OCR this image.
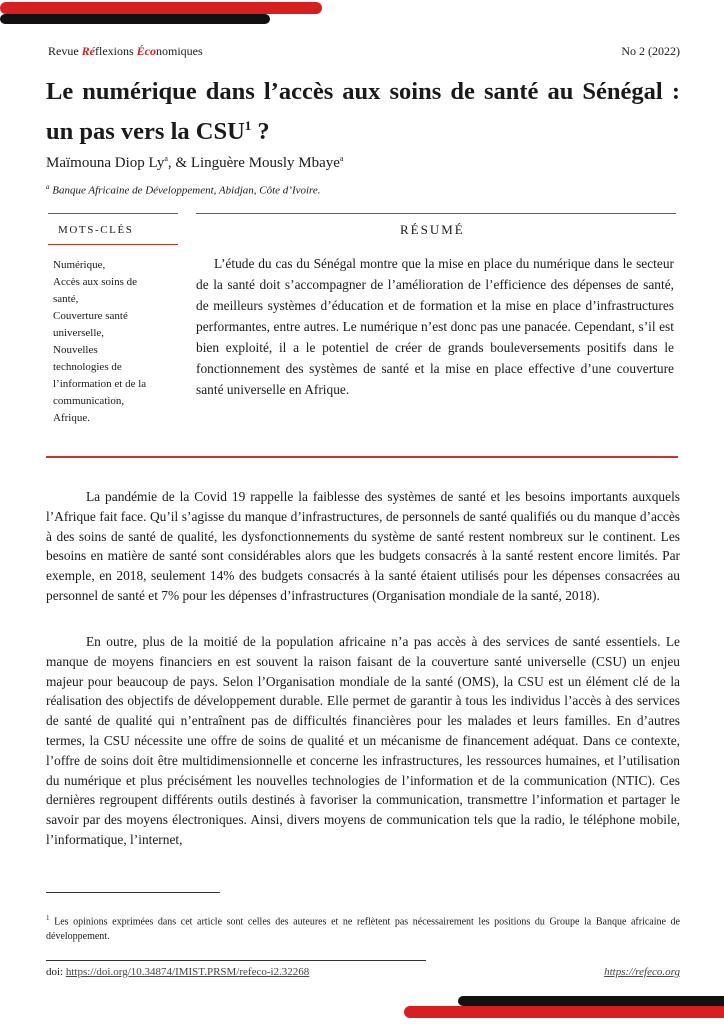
Revue Réflexions Économiques	No 2 (2022)
Le numérique dans l’accès aux soins de santé au Sénégal : un pas vers la CSU$^1$ ?
Maïmouna Diop Ly$^a$, & Linguère Mously Mbaye$^a$
$^a$ Banque Africaine de Développement, Abidjan, Côte d’Ivoire.
MOTS-CLÉS	RÉSUMÉ
Numérique,
Accès aux soins de
santé,
Couverture santé
universelle,
Nouvelles
technologies de
l’information et de la
communication,
Afrique.
L’étude du cas du Sénégal montre que la mise en place du numérique dans le secteur de la santé doit s’accompagner de l’amélioration de l’efficience des dépenses de santé, de meilleurs systèmes d’éducation et de formation et la mise en place d’infrastructures performantes, entre autres. Le numérique n’est donc pas une panacée. Cependant, s’il est bien exploité, il a le potentiel de créer de grands bouleversements positifs dans le fonctionnement des systèmes de santé et la mise en place effective d’une couverture santé universelle en Afrique.
La pandémie de la Covid 19 rappelle la faiblesse des systèmes de santé et les besoins importants auxquels l’Afrique fait face. Qu’il s’agisse du manque d’infrastructures, de personnels de santé qualifiés ou du manque d’accès à des soins de santé de qualité, les dysfonctionnements du système de santé restent nombreux sur le continent. Les besoins en matière de santé sont considérables alors que les budgets consacrés à la santé restent encore limités. Par exemple, en 2018, seulement 14% des budgets consacrés à la santé étaient utilisés pour les dépenses consacrées au personnel de santé et 7% pour les dépenses d’infrastructures (Organisation mondiale de la santé, 2018).
En outre, plus de la moitié de la population africaine n’a pas accès à des services de santé essentiels. Le manque de moyens financiers en est souvent la raison faisant de la couverture santé universelle (CSU) un enjeu majeur pour beaucoup de pays. Selon l’Organisation mondiale de la santé (OMS), la CSU est un élément clé de la réalisation des objectifs de développement durable. Elle permet de garantir à tous les individus l’accès à des services de santé de qualité qui n’entraînent pas de difficultés financières pour les malades et leurs familles. En d’autres termes, la CSU nécessite une offre de soins de qualité et un mécanisme de financement adéquat. Dans ce contexte, l’offre de soins doit être multidimensionnelle et concerne les infrastructures, les ressources humaines, et l’utilisation du numérique et plus précisément les nouvelles technologies de l’information et de la communication (NTIC). Ces dernières regroupent différents outils destinés à favoriser la communication, transmettre l’information et partager le savoir par des moyens électroniques. Ainsi, divers moyens de communication tels que la radio, le téléphone mobile, l’informatique, l’internet,
$^1$ Les opinions exprimées dans cet article sont celles des auteures et ne reflètent pas nécessairement les positions du Groupe la Banque africaine de développement.
doi: https://doi.org/10.34874/IMIST.PRSM/refeco-i2.32268	https://refeco.org
